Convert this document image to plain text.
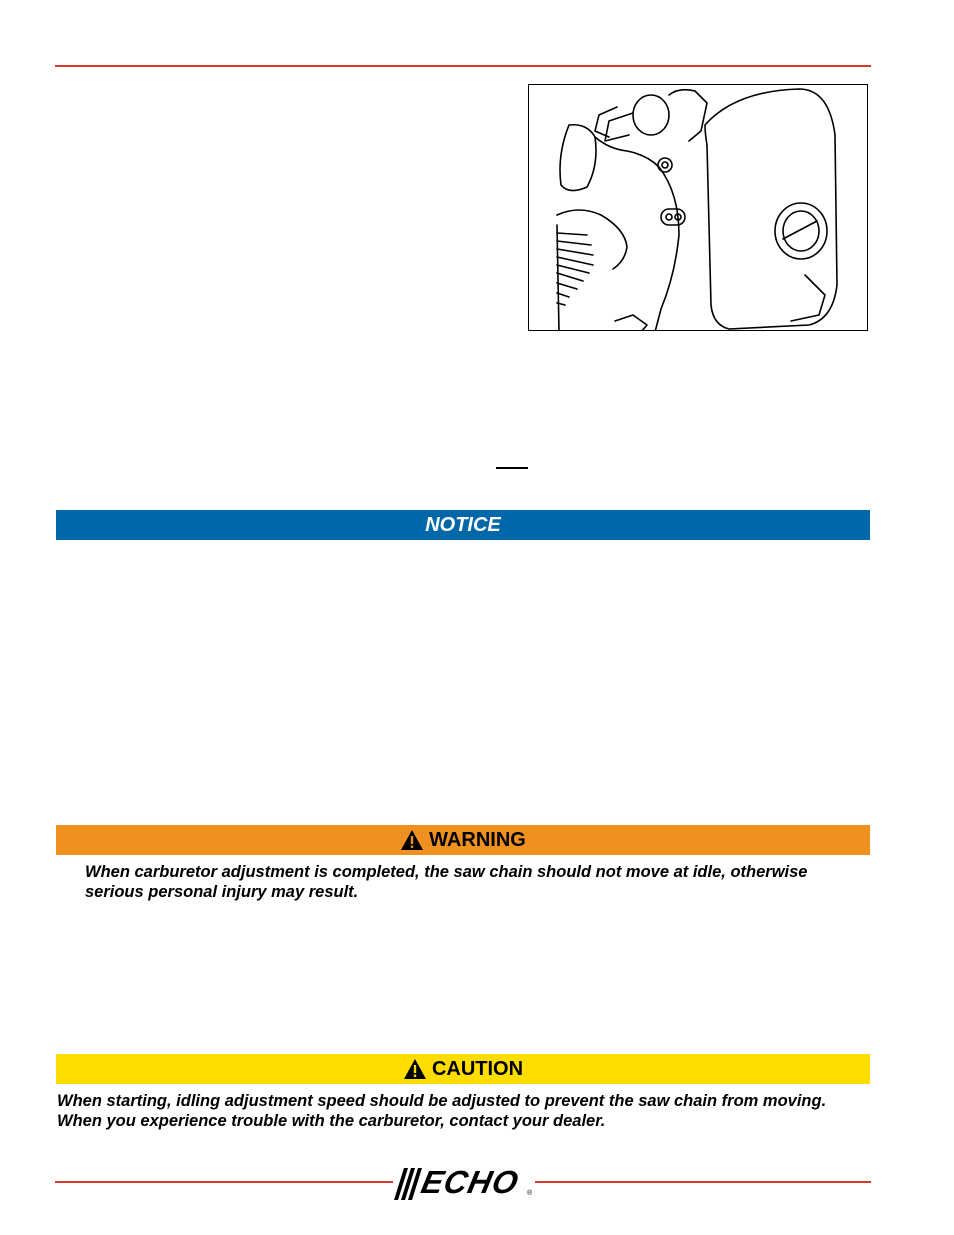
NOTICE
WARNING

When carburetor adjustment is completed, the saw chain should not move at idle, otherwise serious personal injury may result.

CAUTION
When starting, idling adjustment speed should be adjusted to prevent the saw chain from moving.
When you experience trouble with the carburetor, contact your dealer.
ECHO ®
